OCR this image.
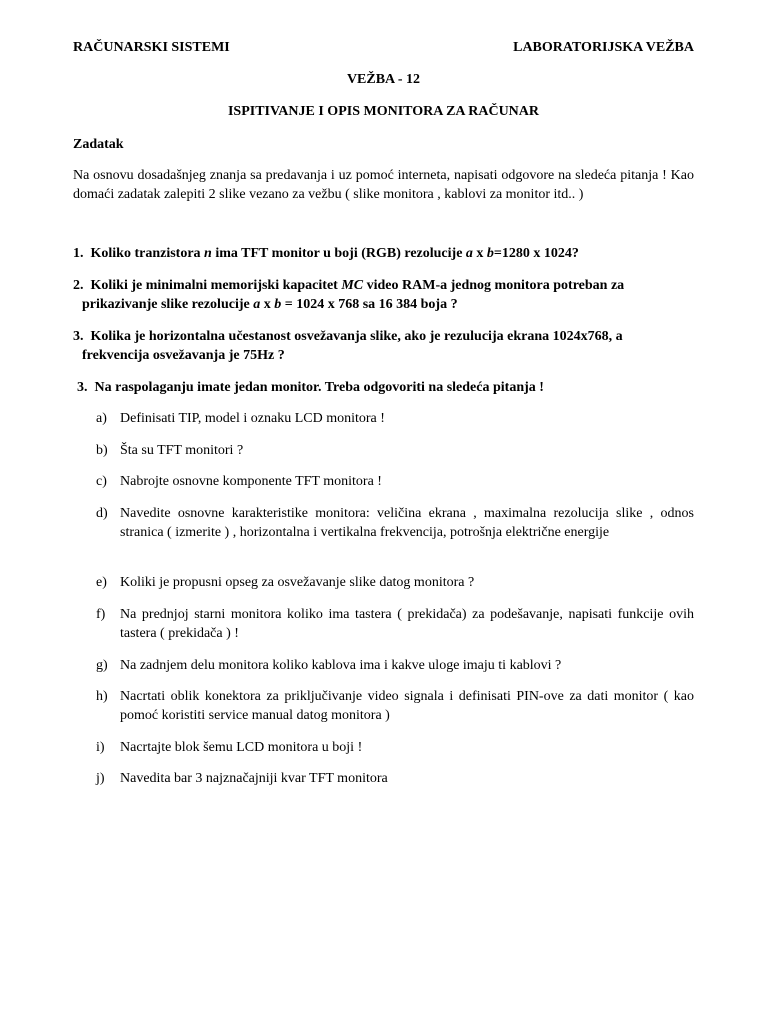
RAČUNARSKI SISTEMI	LABORATORIJSKA VEŽBA
VEŽBA - 12
ISPITIVANJE I OPIS MONITORA ZA RAČUNAR
Zadatak
Na osnovu dosadašnjeg znanja sa predavanja i uz pomoć interneta, napisati odgovore na sledeća pitanja ! Kao domaći zadatak zalepiti 2 slike vezano za vežbu ( slike monitora , kablovi za monitor itd.. )
1. Koliko tranzistora n ima TFT monitor u boji (RGB) rezolucije a x b=1280 x 1024?
2. Koliki je minimalni memorijski kapacitet MC video RAM-a jednog monitora potreban za
prikazivanje slike rezolucije a x b = 1024 x 768 sa 16 384 boja ?
3. Kolika je horizontalna učestanost osvežavanja slike, ako je rezulucija ekrana 1024x768, a
frekvencija osvežavanja je 75Hz ?
3. Na raspolaganju imate jedan monitor. Treba odgovoriti na sledeća pitanja !
a) Definisati TIP, model i oznaku LCD monitora !
b) Šta su TFT monitori ?
c) Nabrojte osnovne komponente TFT monitora !
d) Navedite osnovne karakteristike monitora: veličina ekrana , maximalna rezolucija slike , odnos stranica ( izmerite ) , horizontalna i vertikalna frekvencija, potrošnja električne energije
e) Koliki je propusni opseg za osvežavanje slike datog monitora ?
f)	Na prednjoj starni monitora koliko ima tastera ( prekidača) za podešavanje, napisati funkcije ovih tastera ( prekidača ) !
g) Na zadnjem delu monitora koliko kablova ima i kakve uloge imaju ti kablovi ?
h) Nacrtati oblik konektora za priključivanje video signala i definisati PIN-ove za dati monitor ( kao pomoć koristiti service manual datog monitora )
i)	Nacrtajte blok šemu LCD monitora u boji !
j)	Navedita bar 3 najznačajniji kvar TFT monitora
